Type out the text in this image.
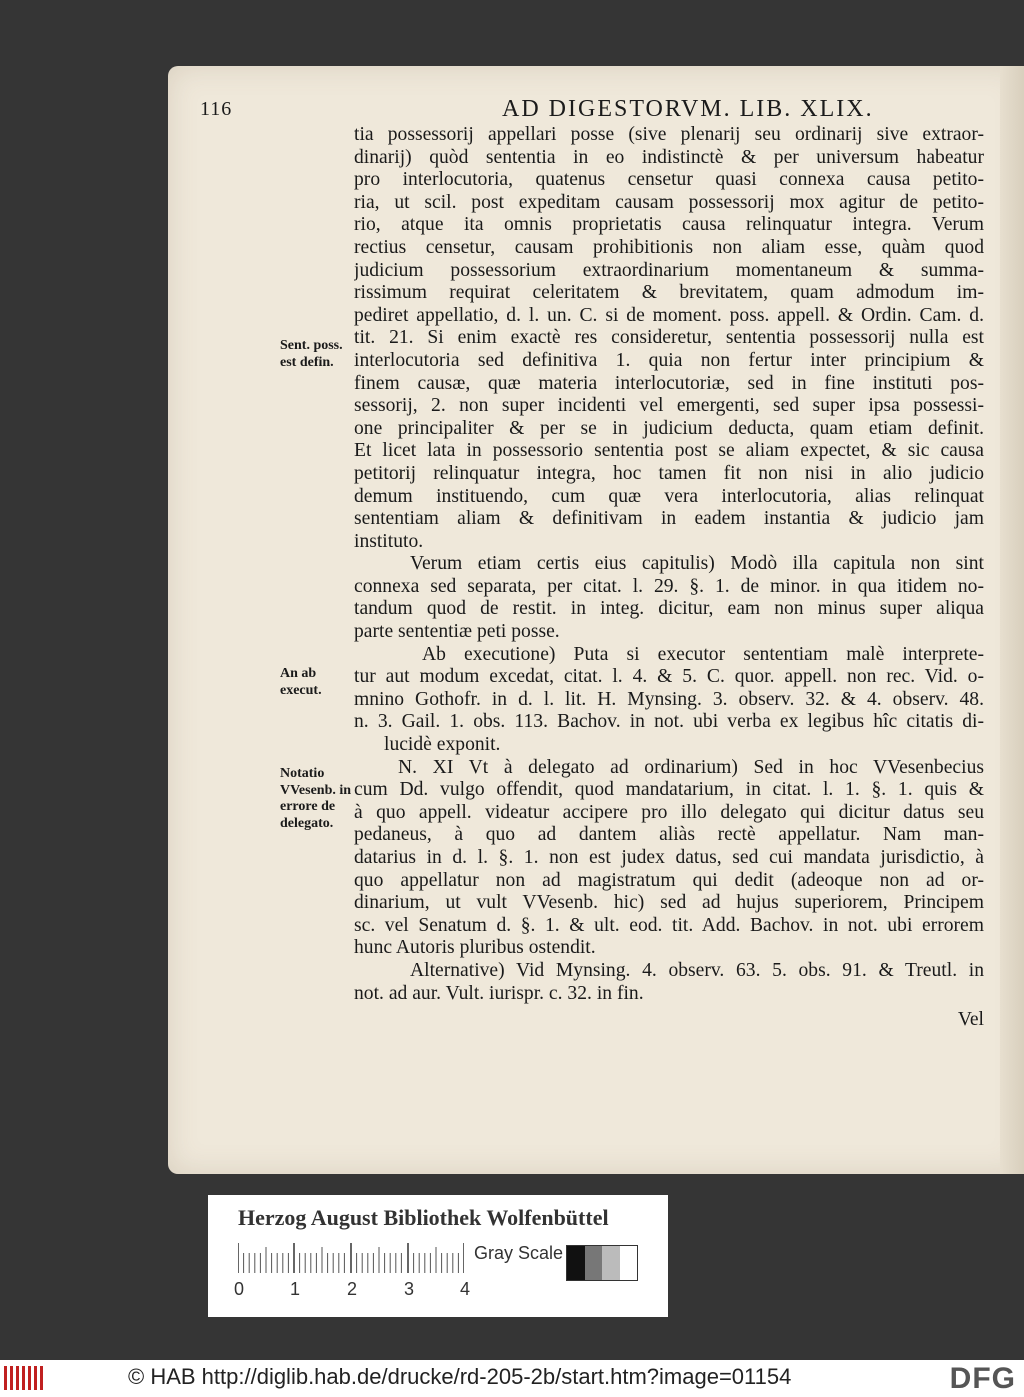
116	AD DIGESTORVM. LIB. XLIX.
tia possessorij appellari posse (sive plenarij seu ordinarij sive extraor-
dinarij) quòd sententia in eo indistinctè & per universum habeatur
pro interlocutoria, quatenus censetur quasi connexa causa petito-
ria, ut scil. post expeditam causam possessorij mox agitur de petito-
rio, atque ita omnis proprietatis causa relinquatur integra. Verum
rectius censetur, causam prohibitionis non aliam esse, quàm quod
judicium possessorium extraordinarium momentaneum & summa-
rissimum requirat celeritatem & brevitatem, quam admodum im-
pediret appellatio, d. l. un. C. si de moment. poss. appell. & Ordin. Cam. d.
tit. 21. Si enim exactè res consideretur, sententia possessorij nulla est
interlocutoria sed definitiva 1. quia non fertur inter principium &
finem causæ, quæ materia interlocutoriæ, sed in fine instituti pos-
sessorij, 2. non super incidenti vel emergenti, sed super ipsa possessi-
one principaliter & per se in judicium deducta, quam etiam definit.
Et licet lata in possessorio sententia post se aliam expectet, & sic causa
petitorij relinquatur integra, hoc tamen fit non nisi in alio judicio
demum instituendo, cum quæ vera interlocutoria, alias relinquat
sententiam aliam & definitivam in eadem instantia & judicio jam
instituto.
Verum etiam certis eius capitulis) Modò illa capitula non sint
connexa sed separata, per citat. l. 29. §. 1. de minor. in qua itidem no-
tandum quod de restit. in integ. dicitur, eam non minus super aliqua
parte sententiæ peti posse.
Ab executione) Puta si executor sententiam malè interprete-
tur aut modum excedat, citat. l. 4. & 5. C. quor. appell. non rec. Vid. o-
mnino Gothofr. in d. l. lit. H. Mynsing. 3. observ. 32. & 4. observ. 48.
n. 3. Gail. 1. obs. 113. Bachov. in not. ubi verba ex legibus hîc citatis di-
lucidè exponit.
N. XI Vt à delegato ad ordinarium) Sed in hoc VVesenbecius
cum Dd. vulgo offendit, quod mandatarium, in citat. l. 1. §. 1. quis &
à quo appell. videatur accipere pro illo delegato qui dicitur datus seu
pedaneus, à quo ad dantem aliàs rectè appellatur. Nam man-
datarius in d. l. §. 1. non est judex datus, sed cui mandata jurisdictio, à
quo appellatur non ad magistratum qui dedit (adeoque non ad or-
dinarium, ut vult VVesenb. hic) sed ad hujus superiorem, Principem
sc. vel Senatum d. §. 1. & ult. eod. tit. Add. Bachov. in not. ubi errorem
hunc Autoris pluribus ostendit.
Alternative) Vid Mynsing. 4. observ. 63. 5. obs. 91. & Treutl. in
not. ad aur. Vult. iurispr. c. 32. in fin.
Vel
Sent. poss. est defin.
An ab execut.
Notatio VVesenb. in errore de delegato.
Herzog August Bibliothek Wolfenbüttel
0	1	2	3	4
Gray Scale
© HAB http://diglib.hab.de/drucke/rd-205-2b/start.htm?image=01154	DFG
